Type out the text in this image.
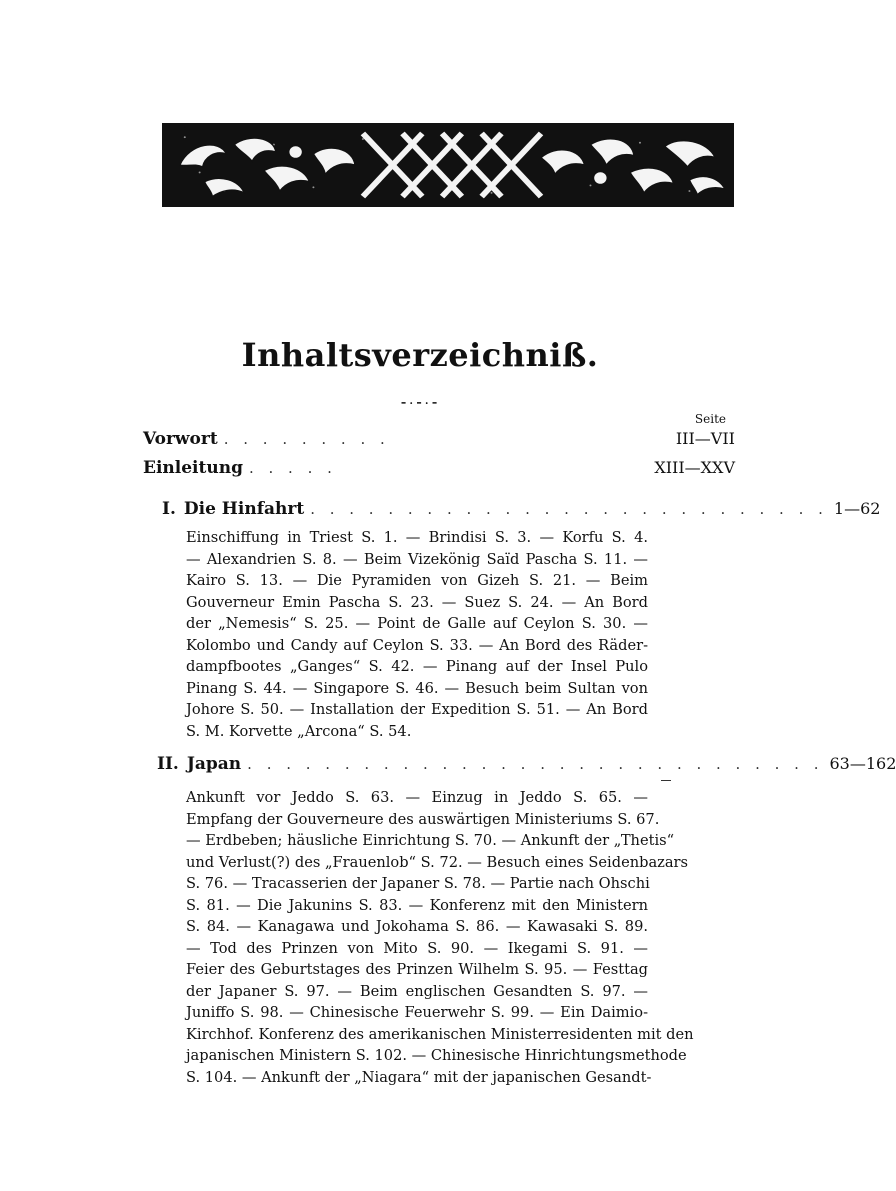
Inhaltsverzeichniß.
⁃·⁃·⁃
Seite
Vorwort . . . . . . . . .	III—VII
Einleitung . . . . .	XIII—XXV
I. Die Hinfahrt . . . . . . . . . . . . . . . . . . . . . . . . . . . 1—62
Einschiffung in Triest S. 1. — Brindisi S. 3. — Korfu S. 4.
— Alexandrien S. 8. — Beim Vizekönig Saïd Pascha S. 11. —
Kairo S. 13. — Die Pyramiden von Gizeh S. 21. — Beim
Gouverneur Emin Pascha S. 23. — Suez S. 24. — An Bord
der „Nemesis“ S. 25. — Point de Galle auf Ceylon S. 30. —
Kolombo und Candy auf Ceylon S. 33. — An Bord des Räder-
dampfbootes „Ganges“ S. 42. — Pinang auf der Insel Pulo
Pinang S. 44. — Singapore S. 46. — Besuch beim Sultan von
Johore S. 50. — Installation der Expedition S. 51. — An Bord
S. M. Korvette „Arcona“ S. 54.
II. Japan . . . . . . . . . . . . . . . . . . . . . . . . . . . . . . 63—162
Ankunft vor Jeddo S. 63. — Einzug in Jeddo S. 65. —
Empfang der Gouverneure des auswärtigen Ministeriums S. 67.
— Erdbeben; häusliche Einrichtung S. 70. — Ankunft der „Thetis“
und Verlust(?) des „Frauenlob“ S. 72. — Besuch eines Seidenbazars
S. 76. — Tracasserien der Japaner S. 78. — Partie nach Ohschi
S. 81. — Die Jakunins S. 83. — Konferenz mit den Ministern
S. 84. — Kanagawa und Jokohama S. 86. — Kawasaki S. 89.
— Tod des Prinzen von Mito S. 90. — Ikegami S. 91. —
Feier des Geburtstages des Prinzen Wilhelm S. 95. — Festtag
der Japaner S. 97. — Beim englischen Gesandten S. 97. —
Juniffo S. 98. — Chinesische Feuerwehr S. 99. — Ein Daimio-
Kirchhof. Konferenz des amerikanischen Ministerresidenten mit den
japanischen Ministern S. 102. — Chinesische Hinrichtungsmethode
S. 104. — Ankunft der „Niagara“ mit der japanischen Gesandt-
